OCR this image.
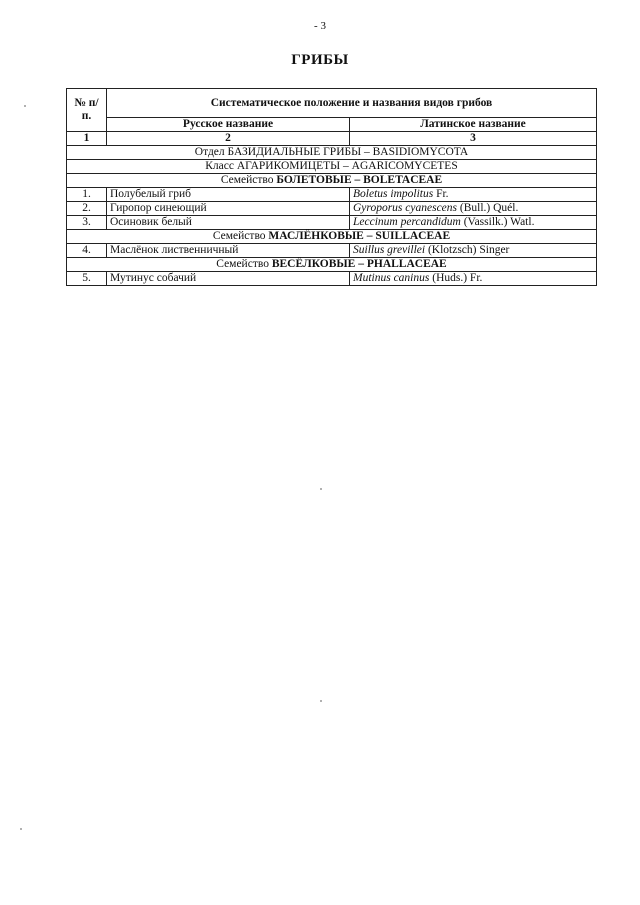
- 3
ГРИБЫ
№ п/п.	Систематическое положение и названия видов грибов	
	Русское название	Латинское название
1	2	3
Отдел БАЗИДИАЛЬНЫЕ ГРИБЫ – BASIDIOMYCOTA		
Класс АГАРИКОМИЦЕТЫ – AGARICOMYCETES		
Семейство БОЛЕТОВЫЕ – BOLETACEAE		
1.	Полубелый гриб	Boletus impolitus Fr.
2.	Гиропор синеющий	Gyroporus cyanescens (Bull.) Quél.
3.	Осиновик белый	Leccinum percandidum (Vassilk.) Watl.
Семейство МАСЛЁНКОВЫЕ – SUILLACEAE		
4.	Маслёнок лиственничный	Suillus grevillei (Klotzsch) Singer
Семейство ВЕСЁЛКОВЫЕ – PHALLACEAE		
5.	Мутинус собачий	Mutinus caninus (Huds.) Fr.
